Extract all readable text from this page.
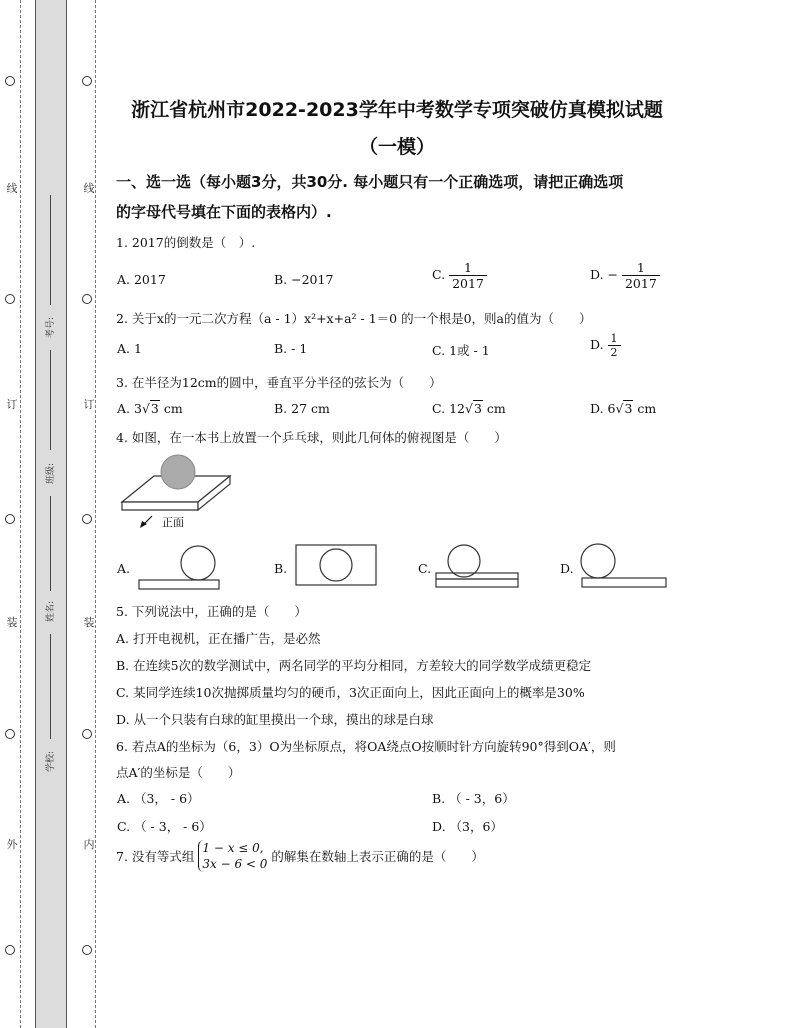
线
订
装
外
线
订
装
内
考号:
班级:
姓名:
学校:
浙江省杭州市2022-2023学年中考数学专项突破仿真模拟试题
（一模）
一、选一选（每小题3分，共30分. 每小题只有一个正确选项，请把正确选项
的字母代号填在下面的表格内）.
1. 2017的倒数是（　）.
A. 2017	B. −2017	C. $\frac{1}{2017}$	D. − $\frac{1}{2017}$
2. 关于x的一元二次方程（a - 1）x²+x+a² - 1＝0 的一个根是0，则a的值为（　　）
A. 1	B. - 1	C. 1或 - 1	D. $\frac{1}{2}$
3. 在半径为12cm的圆中，垂直平分半径的弦长为（　　）
A. 3√3 cm	B. 27 cm	C. 12√3 cm	D. 6√3 cm
4. 如图，在一本书上放置一个乒乓球，则此几何体的俯视图是（　　）
正面
A.	B.	C.	D.
5. 下列说法中，正确的是（　　）
A. 打开电视机，正在播广告，是必然
B. 在连续5次的数学测试中，两名同学的平均分相同，方差较大的同学数学成绩更稳定
C. 某同学连续10次抛掷质量均匀的硬币，3次正面向上，因此正面向上的概率是30%
D. 从一个只装有白球的缸里摸出一个球，摸出的球是白球
6. 若点A的坐标为（6，3）O为坐标原点，将OA绕点O按顺时针方向旋转90°得到OA′，则
点A′的坐标是（　　）
A. （3， - 6）	B. （ - 3，6）
C. （ - 3， - 6）	D. （3，6）
7. 没有等式组
1 − x ≤ 0,
3x − 6 < 0 的解集在数轴上表示正确的是（　　）
